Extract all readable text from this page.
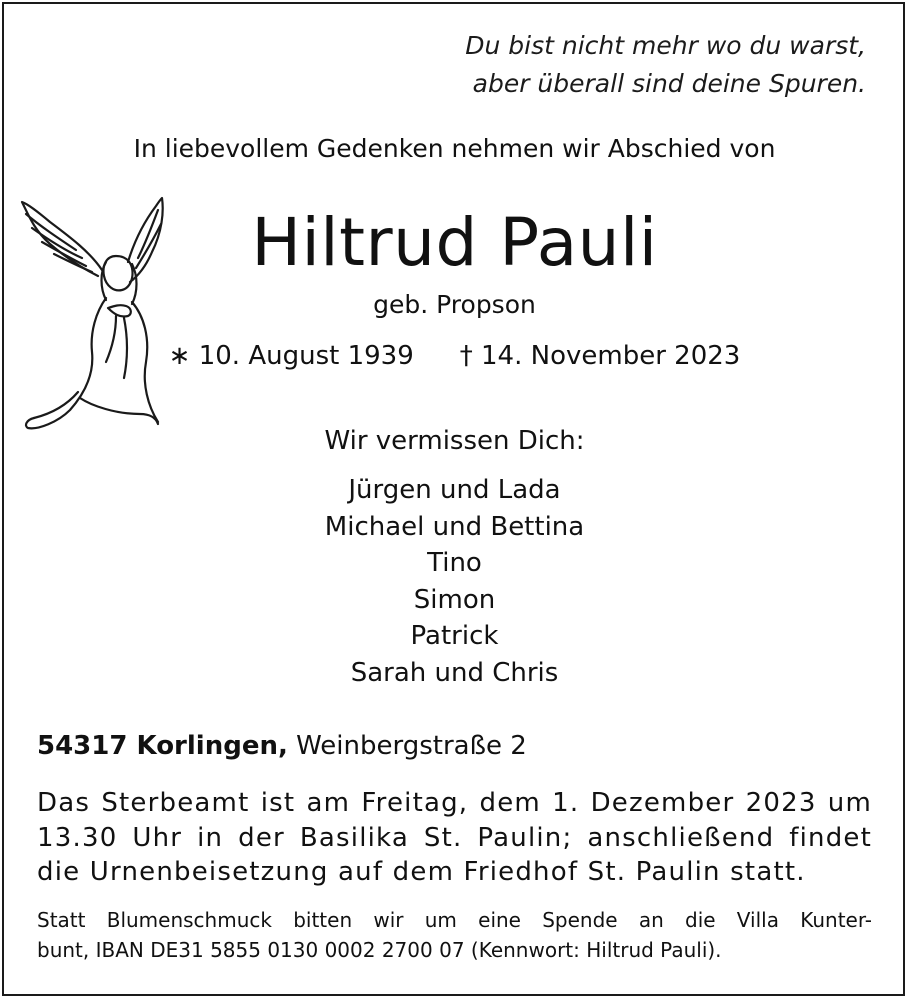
Du bist nicht mehr wo du warst,
aber überall sind deine Spuren.
In liebevollem Gedenken nehmen wir Abschied von
Hiltrud Pauli
geb. Propson
∗ 10. August 1939 † 14. November 2023
Wir vermissen Dich:
Jürgen und Lada
Michael und Bettina
Tino
Simon
Patrick
Sarah und Chris
54317 Korlingen, Weinbergstraße 2
Das Sterbeamt ist am Freitag, dem 1. Dezember 2023 um
13.30 Uhr in der Basilika St. Paulin; anschließend findet
die Urnenbeisetzung auf dem Friedhof St. Paulin statt.
Statt Blumenschmuck bitten wir um eine Spende an die Villa Kunter-
bunt, IBAN DE31 5855 0130 0002 2700 07 (Kennwort: Hiltrud Pauli).
